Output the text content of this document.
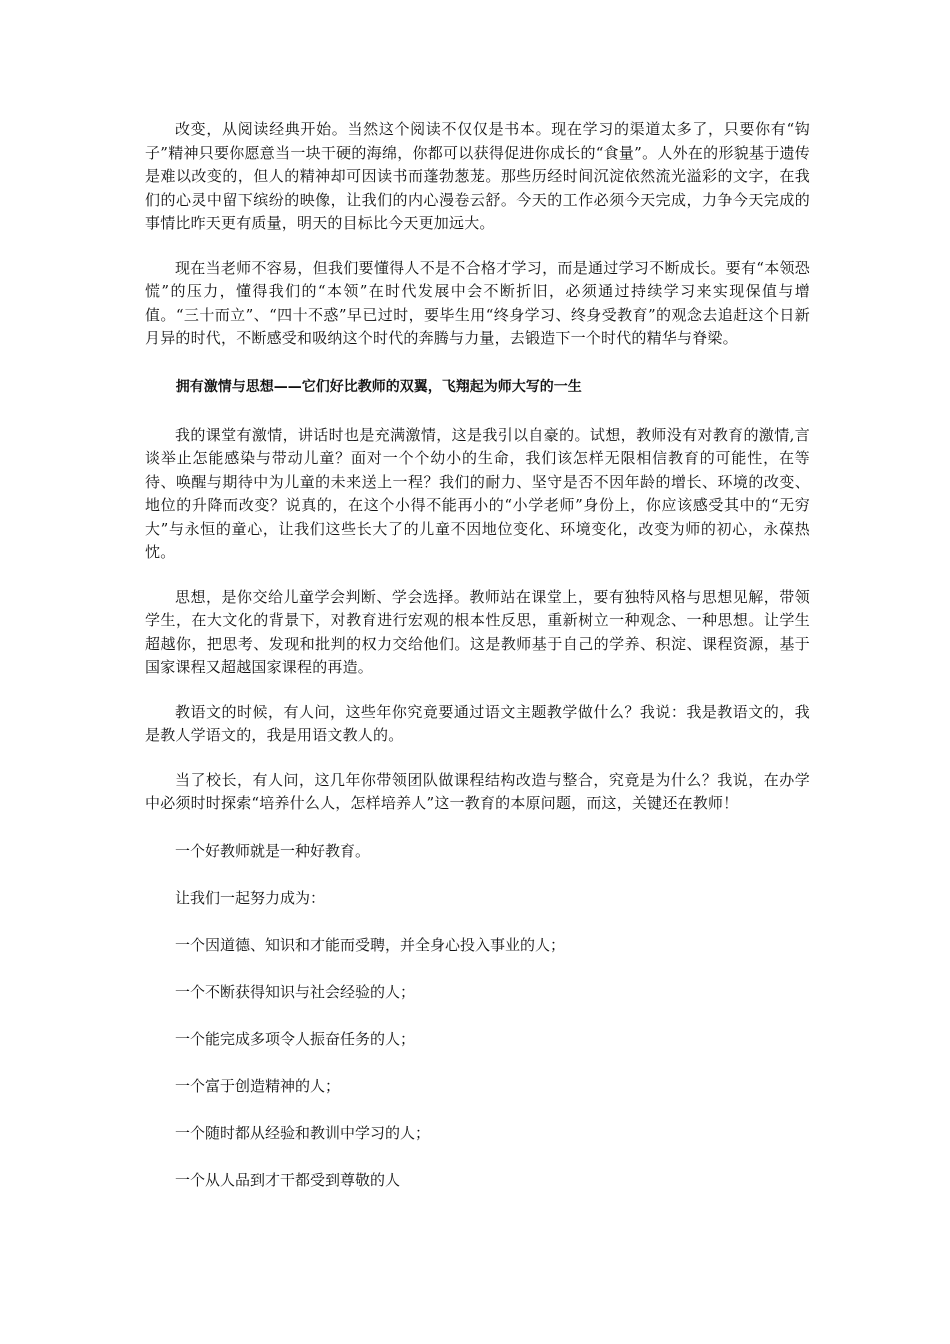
改变，从阅读经典开始。当然这个阅读不仅仅是书本。现在学习的渠道太多了，只要你有“钩子”精神只要你愿意当一块干硬的海绵，你都可以获得促进你成长的“食量”。人外在的形貌基于遗传是难以改变的，但人的精神却可因读书而蓬勃葱茏。那些历经时间沉淀依然流光溢彩的文字，在我们的心灵中留下缤纷的映像，让我们的内心漫卷云舒。今天的工作必须今天完成，力争今天完成的事情比昨天更有质量，明天的目标比今天更加远大。

现在当老师不容易，但我们要懂得人不是不合格才学习，而是通过学习不断成长。要有“本领恐慌”的压力，懂得我们的“本领”在时代发展中会不断折旧，必须通过持续学习来实现保值与增值。“三十而立”、“四十不惑”早已过时，要毕生用“终身学习、终身受教育”的观念去追赶这个日新月异的时代，不断感受和吸纳这个时代的奔腾与力量，去锻造下一个时代的精华与脊梁。

拥有激情与思想——它们好比教师的双翼，飞翔起为师大写的一生

我的课堂有激情，讲话时也是充满激情，这是我引以自豪的。试想，教师没有对教育的激情,言谈举止怎能感染与带动儿童？面对一个个幼小的生命，我们该怎样无限相信教育的可能性，在等待、唤醒与期待中为儿童的未来送上一程？我们的耐力、坚守是否不因年龄的增长、环境的改变、地位的升降而改变？说真的，在这个小得不能再小的“小学老师”身份上，你应该感受其中的“无穷大”与永恒的童心，让我们这些长大了的儿童不因地位变化、环境变化，改变为师的初心，永葆热忱。

思想，是你交给儿童学会判断、学会选择。教师站在课堂上，要有独特风格与思想见解，带领学生，在大文化的背景下，对教育进行宏观的根本性反思，重新树立一种观念、一种思想。让学生超越你，把思考、发现和批判的权力交给他们。这是教师基于自己的学养、积淀、课程资源，基于国家课程又超越国家课程的再造。

教语文的时候，有人问，这些年你究竟要通过语文主题教学做什么？我说：我是教语文的，我是教人学语文的，我是用语文教人的。

当了校长，有人问，这几年你带领团队做课程结构改造与整合，究竟是为什么？我说，在办学中必须时时探索“培养什么人，怎样培养人”这一教育的本原问题，而这，关键还在教师！

一个好教师就是一种好教育。

让我们一起努力成为：

一个因道德、知识和才能而受聘，并全身心投入事业的人；

一个不断获得知识与社会经验的人；

一个能完成多项令人振奋任务的人；

一个富于创造精神的人；

一个随时都从经验和教训中学习的人；

一个从人品到才干都受到尊敬的人
